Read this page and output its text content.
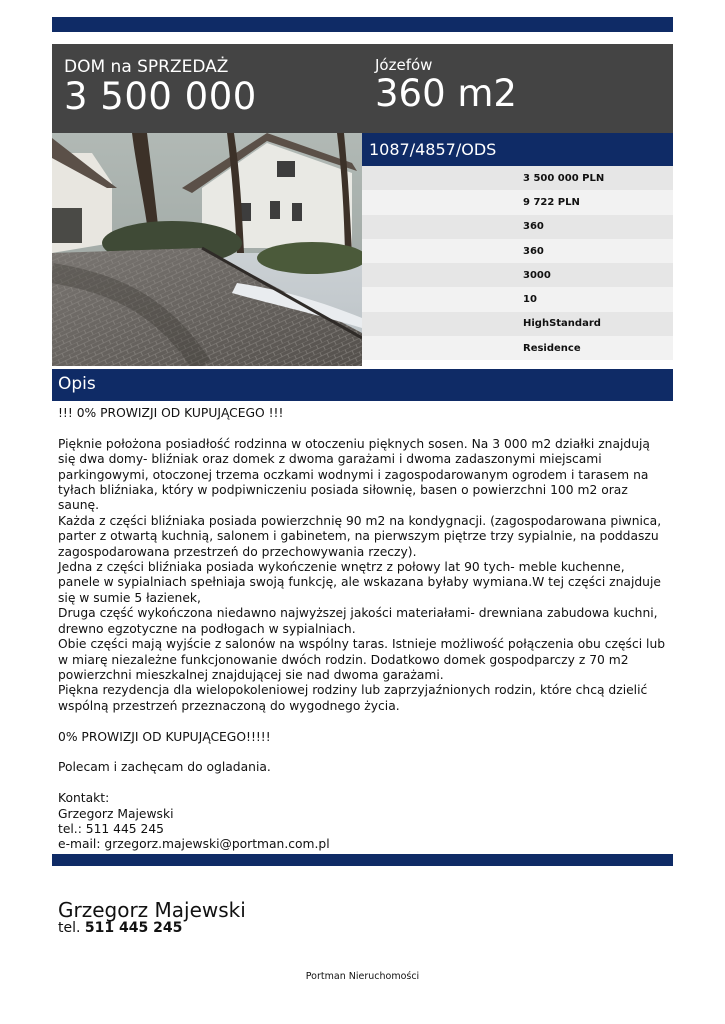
DOM na SPRZEDAŻ
3 500 000
Józefów
360 m2
1087/4857/ODS
3 500 000 PLN
9 722 PLN
360
360
3000
10
HighStandard
Residence
Opis
!!! 0% PROWIZJI OD KUPUJĄCEGO !!!

Pięknie położona posiadłość rodzinna w otoczeniu pięknych sosen. Na 3 000 m2 działki znajdują się dwa domy- bliźniak oraz domek z dwoma garażami i dwoma zadaszonymi miejscami parkingowymi, otoczonej trzema oczkami wodnymi i zagospodarowanym ogrodem i tarasem na tyłach bliźniaka, który w podpiwniczeniu posiada siłownię, basen o powierzchni 100 m2 oraz saunę.
Każda z części bliźniaka posiada powierzchnię 90 m2 na kondygnacji. (zagospodarowana piwnica, parter z otwartą kuchnią, salonem i gabinetem, na pierwszym piętrze trzy sypialnie, na poddaszu zagospodarowana przestrzeń do przechowywania rzeczy).
Jedna z części bliźniaka posiada wykończenie wnętrz z połowy lat 90 tych- meble kuchenne, panele w sypialniach spełniaja swoją funkcję, ale wskazana byłaby wymiana.W tej części znajduje się w sumie 5 łazienek,
Druga część wykończona niedawno najwyższej jakości materiałami- drewniana zabudowa kuchni, drewno egzotyczne na podłogach w sypialniach.
Obie części mają wyjście z salonów na wspólny taras. Istnieje możliwość połączenia obu części lub w miarę niezależne funkcjonowanie dwóch rodzin. Dodatkowo domek gospodparczy z 70 m2 powierzchni mieszkalnej znajdującej sie nad dwoma garażami.
Piękna rezydencja dla wielopokoleniowej rodziny lub zaprzyjaźnionych rodzin, które chcą dzielić wspólną przestrzeń przeznaczoną do wygodnego życia.

0% PROWIZJI OD KUPUJĄCEGO!!!!!

Polecam i zachęcam do ogladania.

Kontakt:
Grzegorz Majewski
tel.: 511 445 245
e-mail: grzegorz.majewski@portman.com.pl
Grzegorz Majewski
tel. 511 445 245
Portman Nieruchomości
